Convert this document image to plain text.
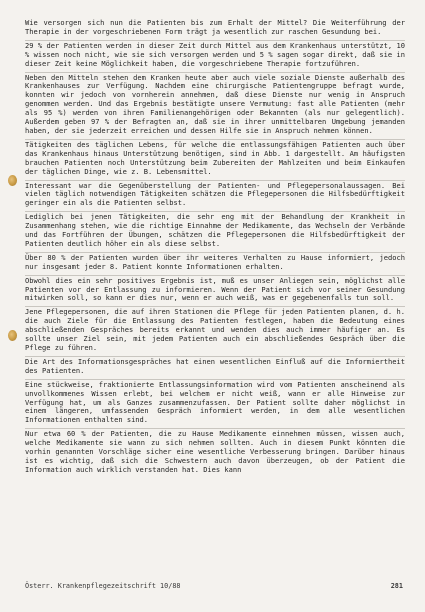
Wie versorgen sich nun die Patienten bis zum Erhalt der Mittel? Die Weiterführung der Therapie in der vorgeschriebenen Form trägt ja wesentlich zur raschen Gesundung bei.

29 % der Patienten werden in dieser Zeit durch Mittel aus dem Krankenhaus unterstützt, 10 % wissen noch nicht, wie sie sich versorgen werden und 5 % sagen sogar direkt, daß sie in dieser Zeit keine Möglichkeit haben, die vorgeschriebene Therapie fortzuführen.

Neben den Mitteln stehen dem Kranken heute aber auch viele soziale Dienste außerhalb des Krankenhauses zur Verfügung. Nachdem eine chirurgische Patientengruppe befragt wurde, konnten wir jedoch von vornherein annehmen, daß diese Dienste nur wenig in Anspruch genommen werden. Und das Ergebnis bestätigte unsere Vermutung: fast alle Patienten (mehr als 95 %) werden von ihren Familienangehörigen oder Bekannten (als nur gelegentlich). Außerdem geben 97 % der Befragten an, daß sie in ihrer unmittelbaren Umgebung jemanden haben, der sie jederzeit erreichen und dessen Hilfe sie in Anspruch nehmen können.

Tätigkeiten des täglichen Lebens, für welche die entlassungsfähigen Patienten auch über das Krankenhaus hinaus Unterstützung benötigen, sind in Abb. 1 dargestellt. Am häufigsten brauchen Patienten noch Unterstützung beim Zubereiten der Mahlzeiten und beim Einkaufen der täglichen Dinge, wie z. B. Lebensmittel.

Interessant war die Gegenüberstellung der Patienten- und Pflegepersonalaussagen. Bei vielen täglich notwendigen Tätigkeiten schätzen die Pflegepersonen die Hilfsbedürftigkeit geringer ein als die Patienten selbst.

Lediglich bei jenen Tätigkeiten, die sehr eng mit der Behandlung der Krankheit in Zusammenhang stehen, wie die richtige Einnahme der Medikamente, das Wechseln der Verbände und das Fortführen der Übungen, schätzen die Pflegepersonen die Hilfsbedürftigkeit der Patienten deutlich höher ein als diese selbst.

Über 80 % der Patienten wurden über ihr weiteres Verhalten zu Hause informiert, jedoch nur insgesamt jeder 8. Patient konnte Informationen erhalten.

Obwohl dies ein sehr positives Ergebnis ist, muß es unser Anliegen sein, möglichst alle Patienten vor der Entlassung zu informieren. Wenn der Patient sich vor seiner Gesundung mitwirken soll, so kann er dies nur, wenn er auch weiß, was er gegebenenfalls tun soll.

Jene Pflegepersonen, die auf ihren Stationen die Pflege für jeden Patienten planen, d. h. die auch Ziele für die Entlassung des Patienten festlegen, haben die Bedeutung eines abschließenden Gespräches bereits erkannt und wenden dies auch immer häufiger an. Es sollte unser Ziel sein, mit jedem Patienten auch ein abschließendes Gespräch über die Pflege zu führen.

Die Art des Informationsgespräches hat einen wesentlichen Einfluß auf die Informiertheit des Patienten.

Eine stückweise, fraktionierte Entlassungsinformation wird vom Patienten anscheinend als unvollkommenes Wissen erlebt, bei welchem er nicht weiß, wann er alle Hinweise zur Verfügung hat, um als Ganzes zusammenzufassen. Der Patient sollte daher möglichst in einem längeren, umfassenden Gespräch informiert werden, in dem alle wesentlichen Informationen enthalten sind.

Nur etwa 60 % der Patienten, die zu Hause Medikamente einnehmen müssen, wissen auch, welche Medikamente sie wann zu sich nehmen sollten. Auch in diesem Punkt könnten die vorhin genannten Vorschläge sicher eine wesentliche Verbesserung bringen. Darüber hinaus ist es wichtig, daß sich die Schwestern auch davon überzeugen, ob der Patient die Information auch wirklich verstanden hat. Dies kann

Österr. Krankenpflegezeitschrift 10/88	281
